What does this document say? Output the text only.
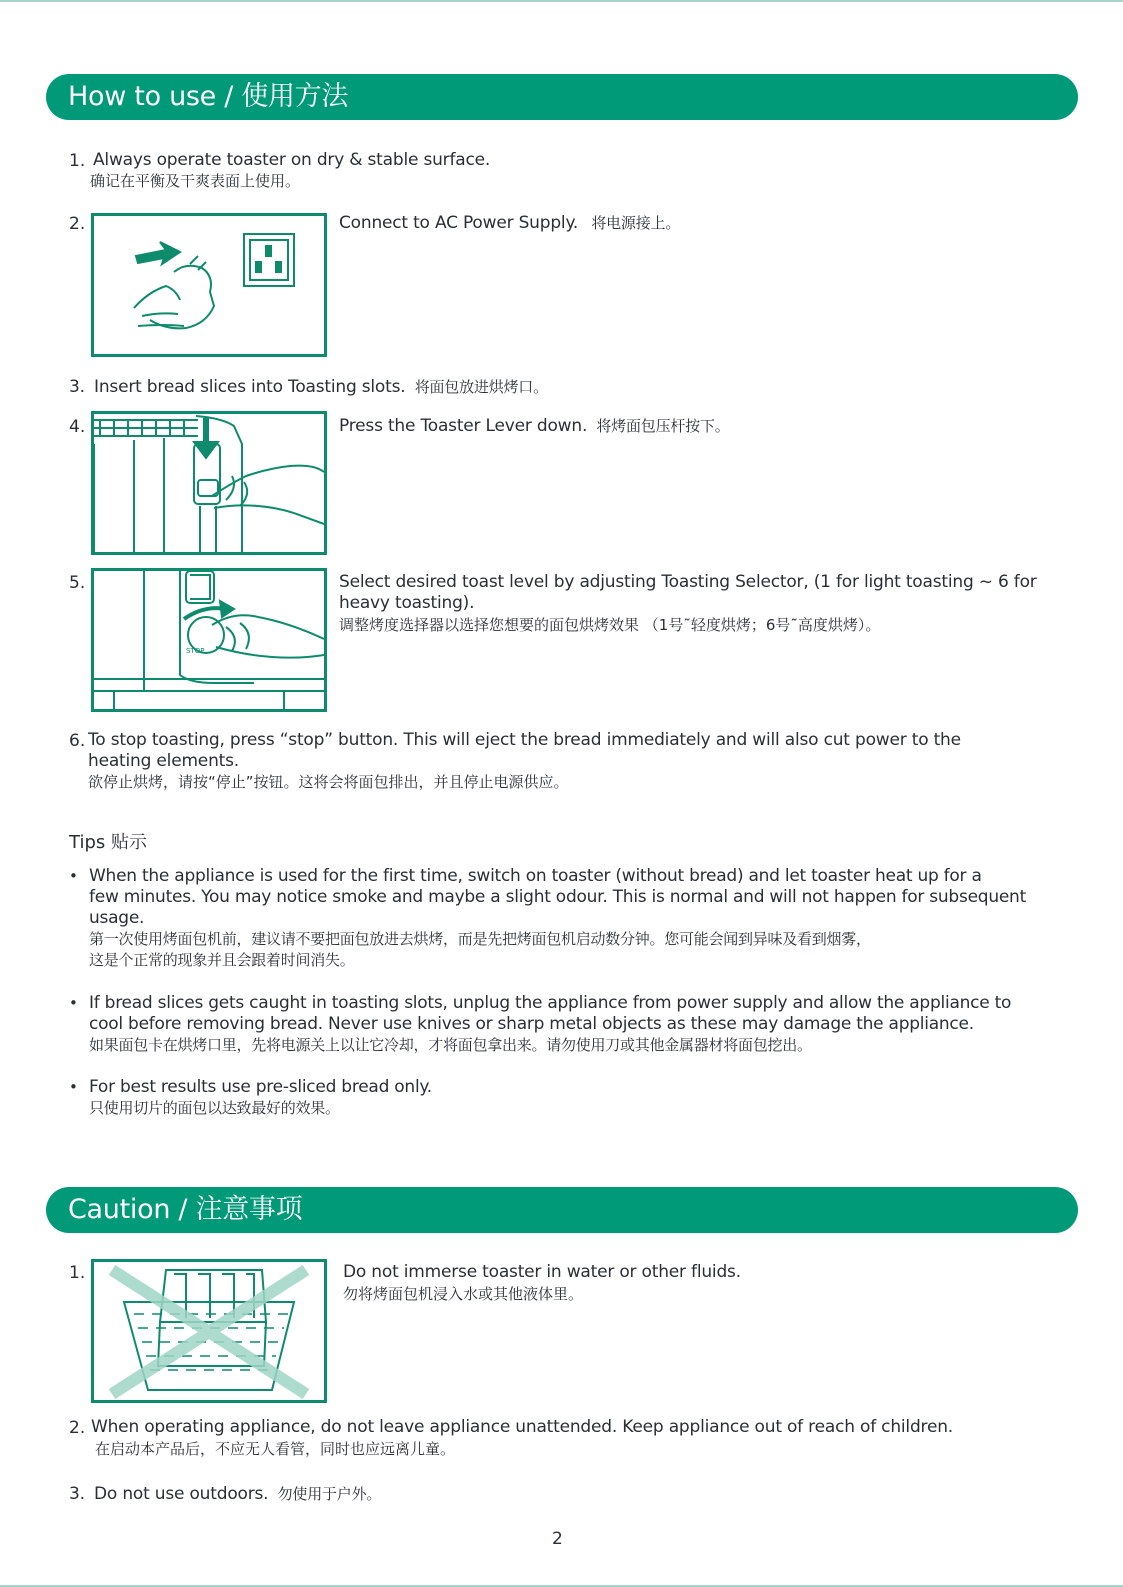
How to use / 使用方法
1. Always operate toaster on dry & stable surface.
确记在平衡及干爽表面上使用。
2.	Connect to AC Power Supply. 将电源接上。
3. Insert bread slices into Toasting slots. 将面包放进烘烤口。
4.	Press the Toaster Lever down. 将烤面包压杆按下。
5.
STOP
Select desired toast level by adjusting Toasting Selector, (1 for light toasting ~ 6 for
heavy toasting).
调整烤度选择器以选择您想要的面包烘烤效果 （1号˜轻度烘烤；6号˜高度烘烤）。
6. To stop toasting, press “stop” button. This will eject the bread immediately and will also cut power to the
heating elements.
欲停止烘烤，请按“停止”按钮。这将会将面包排出，并且停止电源供应。
Tips 贴示
• When the appliance is used for the first time, switch on toaster (without bread) and let toaster heat up for a
few minutes. You may notice smoke and maybe a slight odour. This is normal and will not happen for subsequent
usage.
第一次使用烤面包机前，建议请不要把面包放进去烘烤，而是先把烤面包机启动数分钟。您可能会闻到异味及看到烟雾，
这是个正常的现象并且会跟着时间消失。
• If bread slices gets caught in toasting slots, unplug the appliance from power supply and allow the appliance to
cool before removing bread. Never use knives or sharp metal objects as these may damage the appliance.
如果面包卡在烘烤口里，先将电源关上以让它冷却，才将面包拿出来。请勿使用刀或其他金属器材将面包挖出。
• For best results use pre-sliced bread only.
只使用切片的面包以达致最好的效果。
Caution / 注意事项
1.	Do not immerse toaster in water or other fluids.
勿将烤面包机浸入水或其他液体里。
2. When operating appliance, do not leave appliance unattended. Keep appliance out of reach of children.
在启动本产品后，不应无人看管，同时也应远离儿童。
3. Do not use outdoors. 勿使用于户外。
2
